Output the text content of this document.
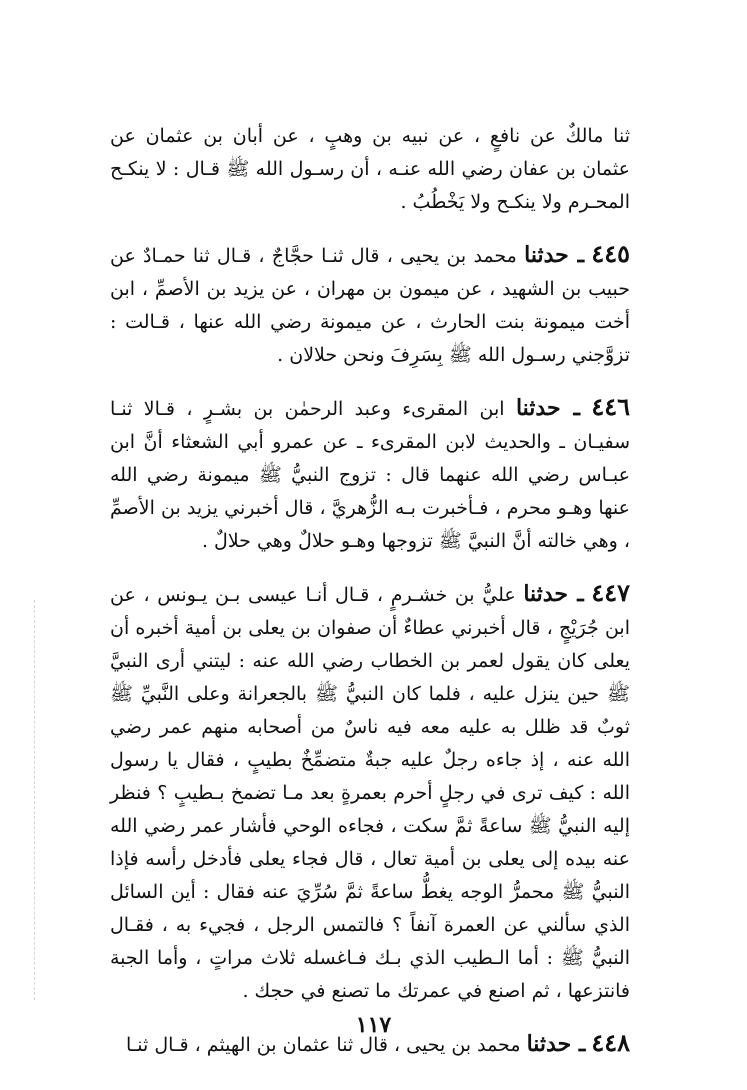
ثنا مالكٌ عن نافعٍ ، عن نبيه بن وهبٍ ، عن أبان بن عثمان عن عثمان بن عفان رضي الله عنـه ، أن رسـول الله ﷺ قـال : لا ينكـح المحـرم ولا ينكـح ولا يَخْطُبُ .

٤٤٥ ـ حدثنا محمد بن يحيى ، قال ثنـا حجَّاجٌ ، قـال ثنا حمـادٌ عن حبيب بن الشهيد ، عن ميمون بن مهران ، عن يزيد بن الأصمِّ ، ابن أخت ميمونة بنت الحارث ، عن ميمونة رضي الله عنها ، قـالت : تزوَّجني رسـول الله ﷺ بِسَرِفَ ونحن حلالان .

٤٤٦ ـ حدثنا ابن المقرىء وعبد الرحمٰن بن بشـرٍ ، قـالا ثنـا سفيـان ـ والحديث لابن المقرىء ـ عن عمرو أبي الشعثاء أنَّ ابن عبـاس رضي الله عنهما قال : تزوج النبيُّ ﷺ ميمونة رضي الله عنها وهـو محرم ، فـأخبرت بـه الزُّهريَّ ، قال أخبرني يزيد بن الأصمِّ ، وهي خالته أنَّ النبيَّ ﷺ تزوجها وهـو حلالٌ وهي حلالٌ .

٤٤٧ ـ حدثنا عليُّ بن خشـرمٍ ، قـال أنـا عيسى بـن يـونس ، عن ابن جُرَيْجٍ ، قال أخبرني عطاءٌ أن صفوان بن يعلى بن أمية أخبره أن يعلى كان يقول لعمر بن الخطاب رضي الله عنه : ليتني أرى النبيَّ ﷺ حين ينزل عليه ، فلما كان النبيُّ ﷺ بالجعرانة وعلى النَّبيِّ ﷺ ثوبٌ قد ظلل به عليه معه فيه ناسٌ من أصحابه منهم عمر رضي الله عنه ، إذ جاءه رجلٌ عليه جبةٌ متضمِّخٌ بطيبٍ ، فقال يا رسول الله : كيف ترى في رجلٍ أحرم بعمرةٍ بعد مـا تضمخ بـطيبٍ ؟ فنظر إليه النبيُّ ﷺ ساعةً ثمَّ سكت ، فجاءه الوحي فأشار عمر رضي الله عنه بيده إلى يعلى بن أمية تعال ، قال فجاء يعلى فأدخل رأسه فإذا النبيُّ ﷺ محمرُّ الوجه يغطُّ ساعةً ثمَّ سُرِّيَ عنه فقال : أين السائل الذي سألني عن العمرة آنفاً ؟ فالتمس الرجل ، فجيء به ، فقـال النبيُّ ﷺ : أما الـطيب الذي بـك فـاغسله ثلاث مراتٍ ، وأما الجبة فانتزعها ، ثم اصنع في عمرتك ما تصنع في حجك .

٤٤٨ ـ حدثنا محمد بن يحيى ، قال ثنا عثمان بن الهيثم ، قـال ثنـا

١١٧
